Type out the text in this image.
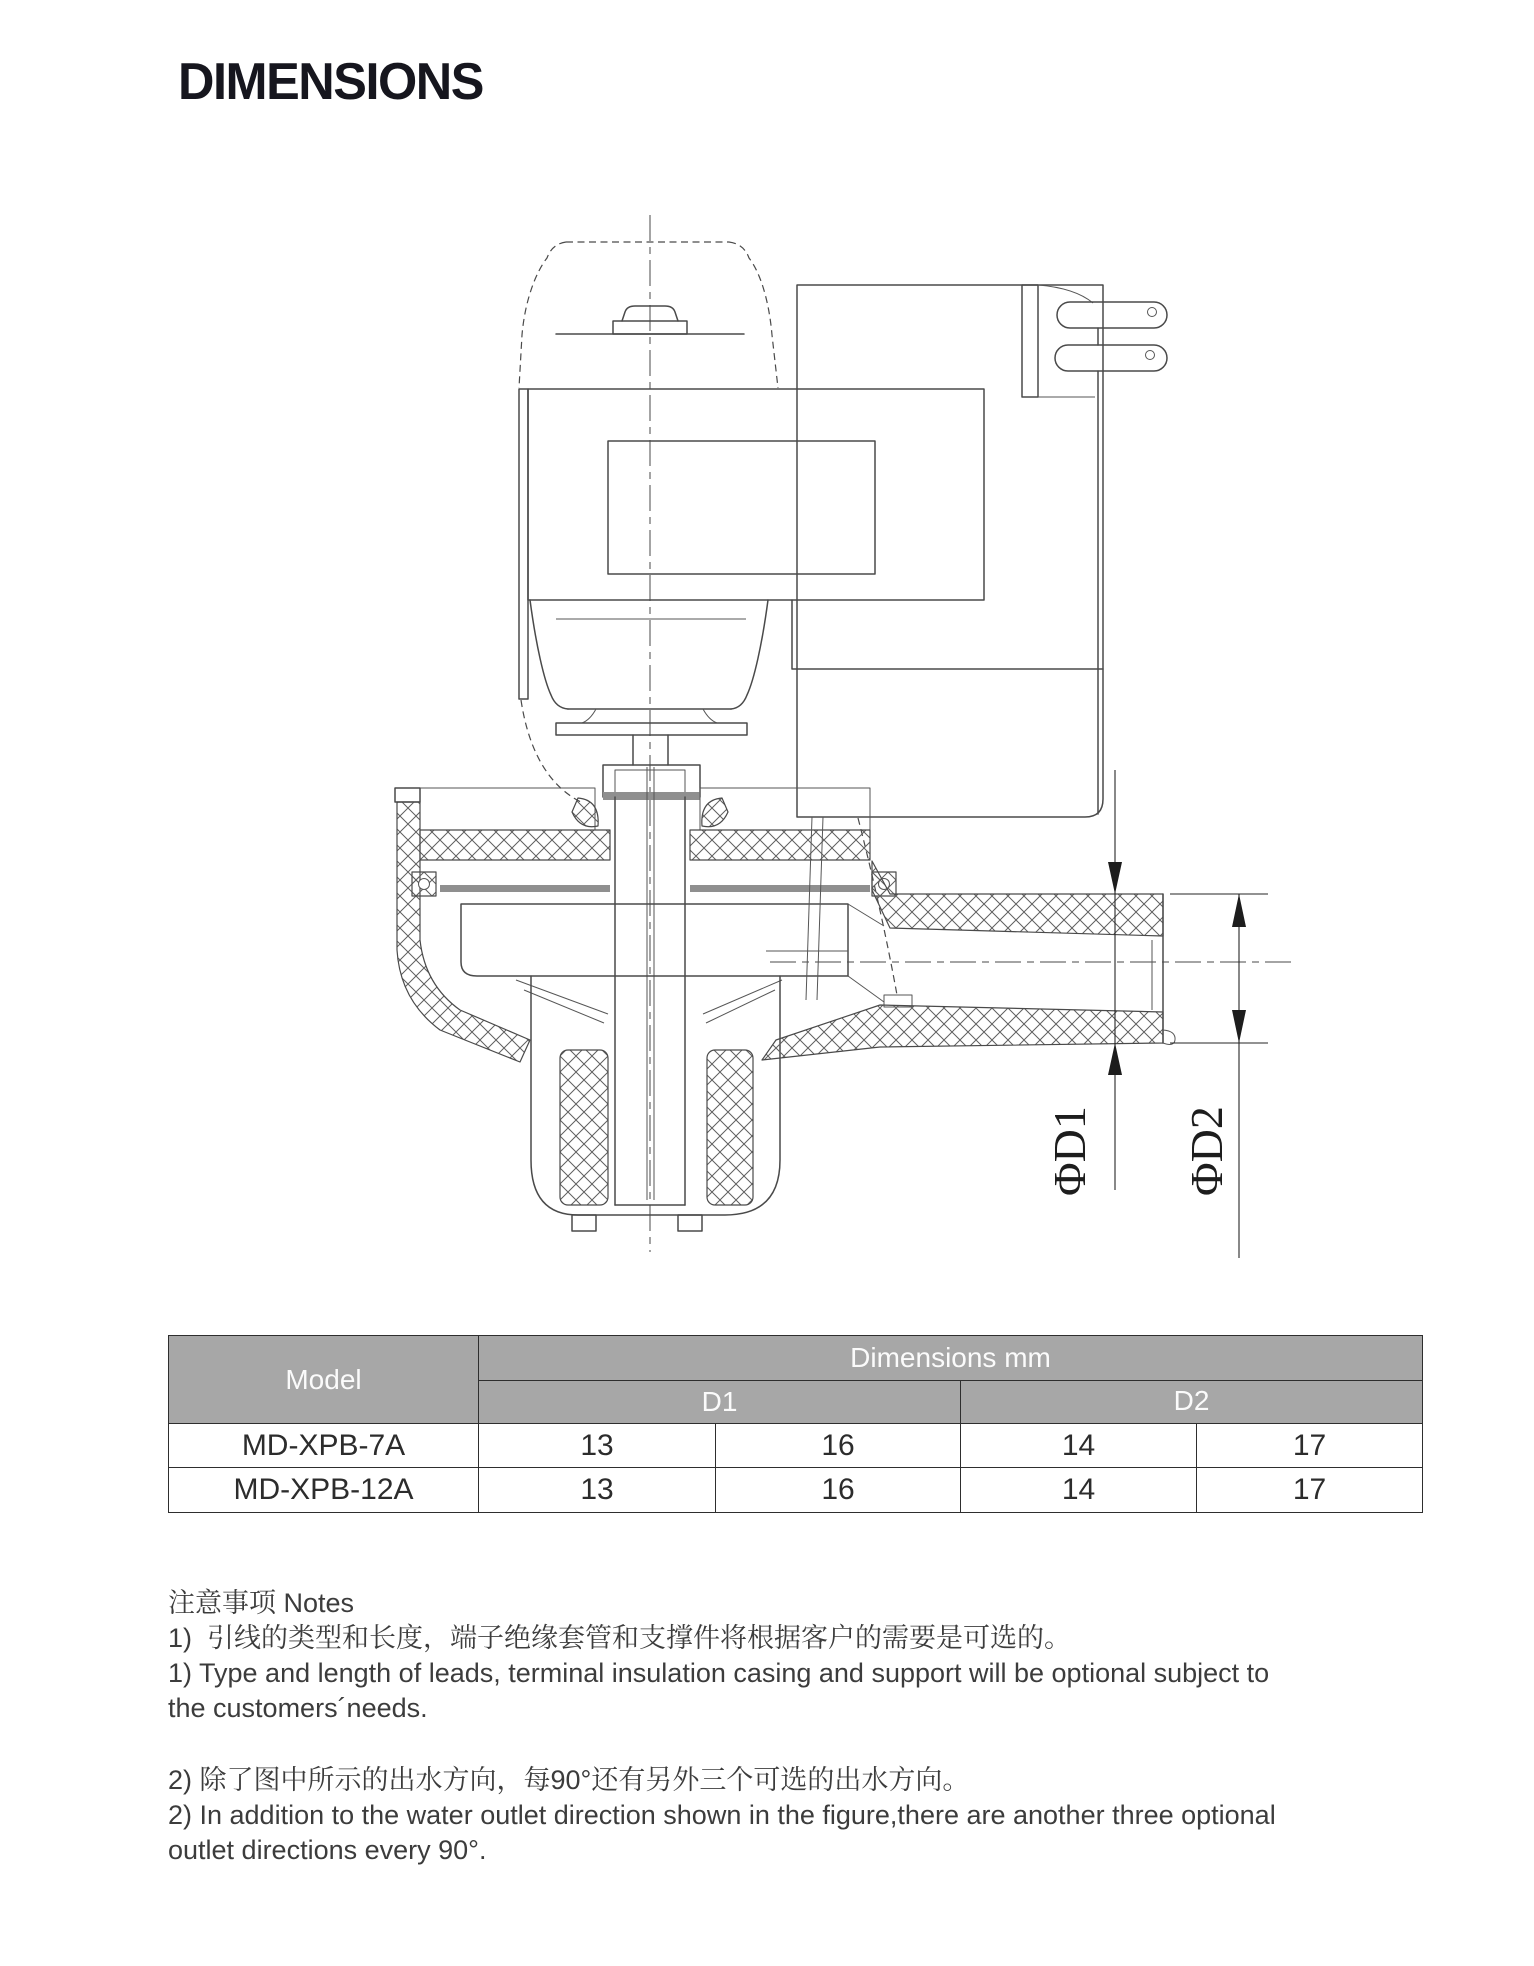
DIMENSIONS
ΦD1 ΦD2
Model	Dimensions mm			
	D1		D2	
MD-XPB-7A	13	16	14	17
MD-XPB-12A	13	16	14	17
注意事项 Notes
1)  引线的类型和长度，端子绝缘套管和支撑件将根据客户的需要是可选的。
1) Type and length of leads, terminal insulation casing and support will be optional subject to
the customers´needs.
2) 除了图中所示的出水方向，每90°还有另外三个可选的出水方向。
2) In addition to the water outlet direction shown in the figure,there are another three optional
outlet directions every 90°.
